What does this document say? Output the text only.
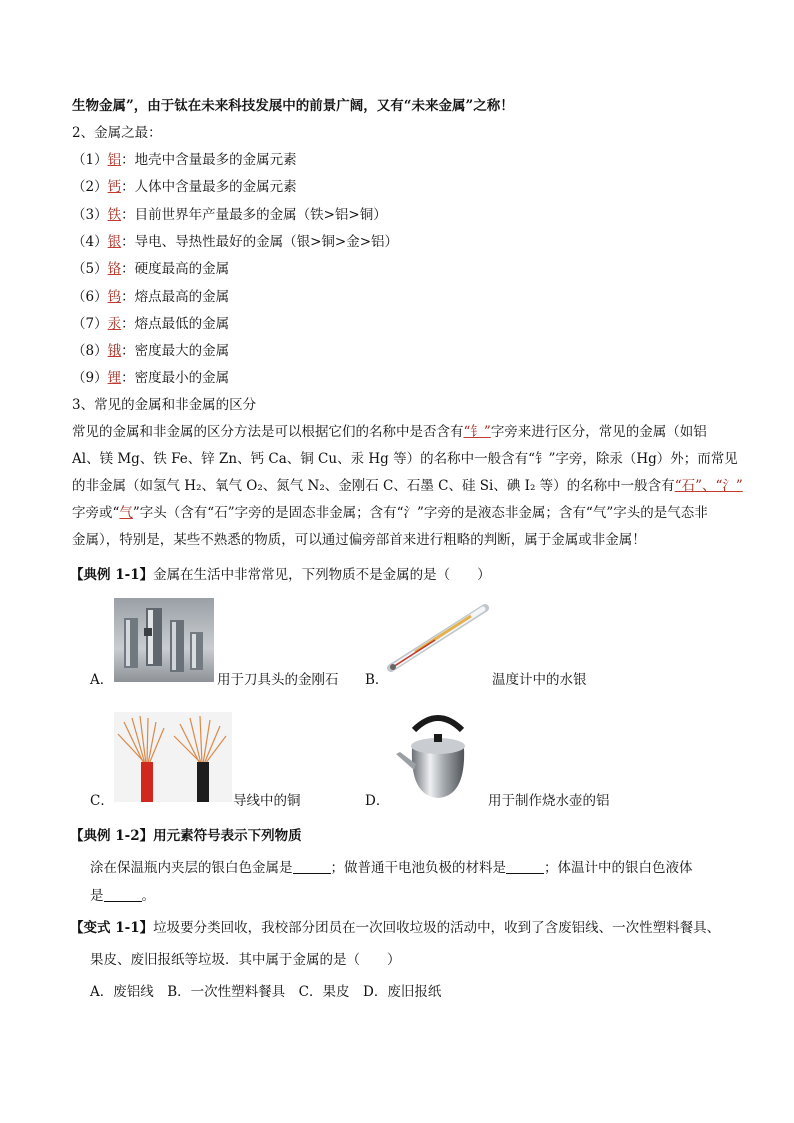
生物金属”，由于钛在未来科技发展中的前景广阔，又有“未来金属”之称！
2、金属之最：
（1）铝：地壳中含量最多的金属元素
（2）钙：人体中含量最多的金属元素
（3）铁：目前世界年产量最多的金属（铁>铝>铜）
（4）银：导电、导热性最好的金属（银>铜>金>铝）
（5）铬：硬度最高的金属
（6）钨：熔点最高的金属
（7）汞：熔点最低的金属
（8）锇：密度最大的金属
（9）锂：密度最小的金属
3、常见的金属和非金属的区分
常见的金属和非金属的区分方法是可以根据它们的名称中是否含有“钅”字旁来进行区分，常见的金属（如铝
Al、镁 Mg、铁 Fe、锌 Zn、钙 Ca、铜 Cu、汞 Hg 等）的名称中一般含有“钅”字旁，除汞（Hg）外；而常见
的非金属（如氢气 H₂、氧气 O₂、氮气 N₂、金刚石 C、石墨 C、硅 Si、碘 I₂ 等）的名称中一般含有“石”、“氵”
字旁或“气”字头（含有“石”字旁的是固态非金属；含有“氵”字旁的是液态非金属；含有“气”字头的是气态非
金属），特别是，某些不熟悉的物质，可以通过偏旁部首来进行粗略的判断，属于金属或非金属！
【典例 1-1】金属在生活中非常常见，下列物质不是金属的是（　　）
A．	用于刀具头的金刚石 B．	温度计中的水银
C．	导线中的铜	D．	用于制作烧水壶的铝
【典例 1-2】用元素符号表示下列物质
涂在保温瓶内夹层的银白色金属是	；做普通干电池负极的材料是	；体温计中的银白色液体
是	。
【变式 1-1】垃圾要分类回收，我校部分团员在一次回收垃圾的活动中，收到了含废铝线、一次性塑料餐具、
果皮、废旧报纸等垃圾．其中属于金属的是（　　）
A．废铝线　B．一次性塑料餐具　C．果皮　D．废旧报纸
